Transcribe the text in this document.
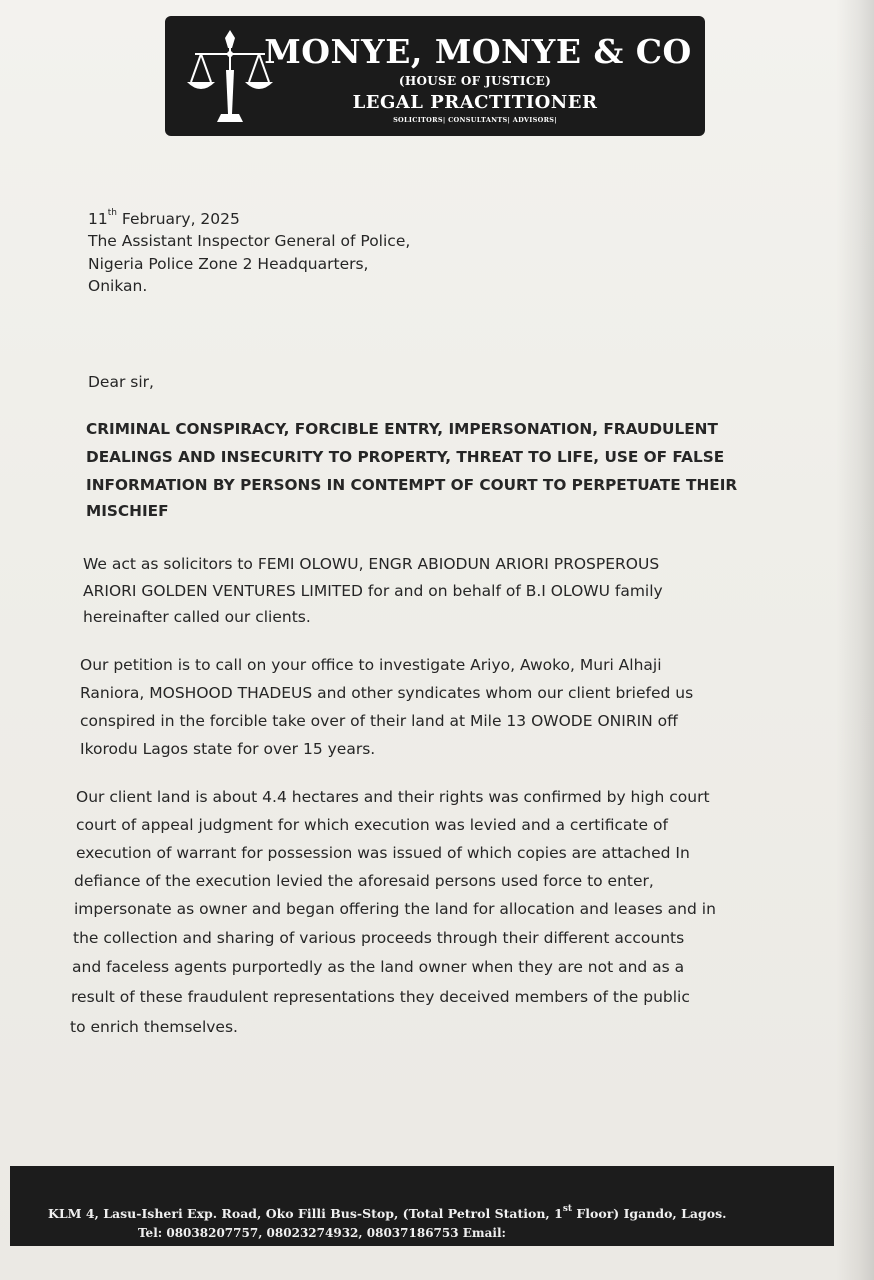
MONYE, MONYE & CO
(HOUSE OF JUSTICE)
LEGAL PRACTITIONER
SOLICITORS| CONSULTANTS| ADVISORS|
11th February, 2025
The Assistant Inspector General of Police,
Nigeria Police Zone 2 Headquarters,
Onikan.
Dear sir,
CRIMINAL CONSPIRACY, FORCIBLE ENTRY, IMPERSONATION, FRAUDULENT
DEALINGS AND INSECURITY TO PROPERTY, THREAT TO LIFE, USE OF FALSE
INFORMATION BY PERSONS IN CONTEMPT OF COURT TO PERPETUATE THEIR
MISCHIEF
We act as solicitors to FEMI OLOWU, ENGR ABIODUN ARIORI PROSPEROUS
ARIORI GOLDEN VENTURES LIMITED for and on behalf of B.I OLOWU family
hereinafter called our clients.
Our petition is to call on your office to investigate Ariyo, Awoko, Muri Alhaji
Raniora, MOSHOOD THADEUS and other syndicates whom our client briefed us
conspired in the forcible take over of their land at Mile 13 OWODE ONIRIN off
Ikorodu Lagos state for over 15 years.
Our client land is about 4.4 hectares and their rights was confirmed by high court
court of appeal judgment for which execution was levied and a certificate of
execution of warrant for possession was issued of which copies are attached In
defiance of the execution levied the aforesaid persons used force to enter,
impersonate as owner and began offering the land for allocation and leases and in
the collection and sharing of various proceeds through their different accounts
and faceless agents purportedly as the land owner when they are not and as a
result of these fraudulent representations they deceived members of the public
to enrich themselves.
KLM 4, Lasu-Isheri Exp. Road, Oko Filli Bus-Stop, (Total Petrol Station, 1st Floor) Igando, Lagos.
Tel: 08038207757, 08023274932, 08037186753 Email:
